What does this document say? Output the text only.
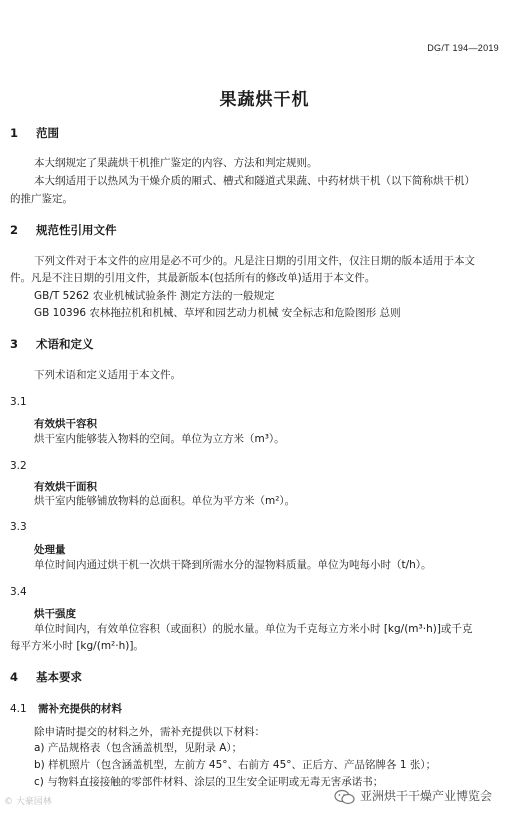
DG/T 194—2019
果蔬烘干机
1 范围
本大纲规定了果蔬烘干机推广鉴定的内容、方法和判定规则。
本大纲适用于以热风为干燥介质的厢式、槽式和隧道式果蔬、中药材烘干机（以下简称烘干机）
的推广鉴定。
2 规范性引用文件
下列文件对于本文件的应用是必不可少的。凡是注日期的引用文件，仅注日期的版本适用于本文
件。凡是不注日期的引用文件，其最新版本(包括所有的修改单)适用于本文件。
GB/T 5262 农业机械试验条件 测定方法的一般规定
GB 10396 农林拖拉机和机械、草坪和园艺动力机械 安全标志和危险图形 总则
3 术语和定义
下列术语和定义适用于本文件。
3.1
有效烘干容积
烘干室内能够装入物料的空间。单位为立方米（m³）。
3.2
有效烘干面积
烘干室内能够铺放物料的总面积。单位为平方米（m²）。
3.3
处理量
单位时间内通过烘干机一次烘干降到所需水分的湿物料质量。单位为吨每小时（t/h）。
3.4
烘干强度
单位时间内，有效单位容积（或面积）的脱水量。单位为千克每立方米小时 [kg/(m³·h)]或千克
每平方米小时 [kg/(m²·h)]。
4 基本要求
4.1 需补充提供的材料
除申请时提交的材料之外，需补充提供以下材料：
a) 产品规格表（包含涵盖机型，见附录 A）；
b) 样机照片（包含涵盖机型，左前方 45°、右前方 45°、正后方、产品铭牌各 1 张）；
c) 与物料直接接触的零部件材料、涂层的卫生安全证明或无毒无害承诺书；
© 大豪园林	亚洲烘干干燥产业博览会
